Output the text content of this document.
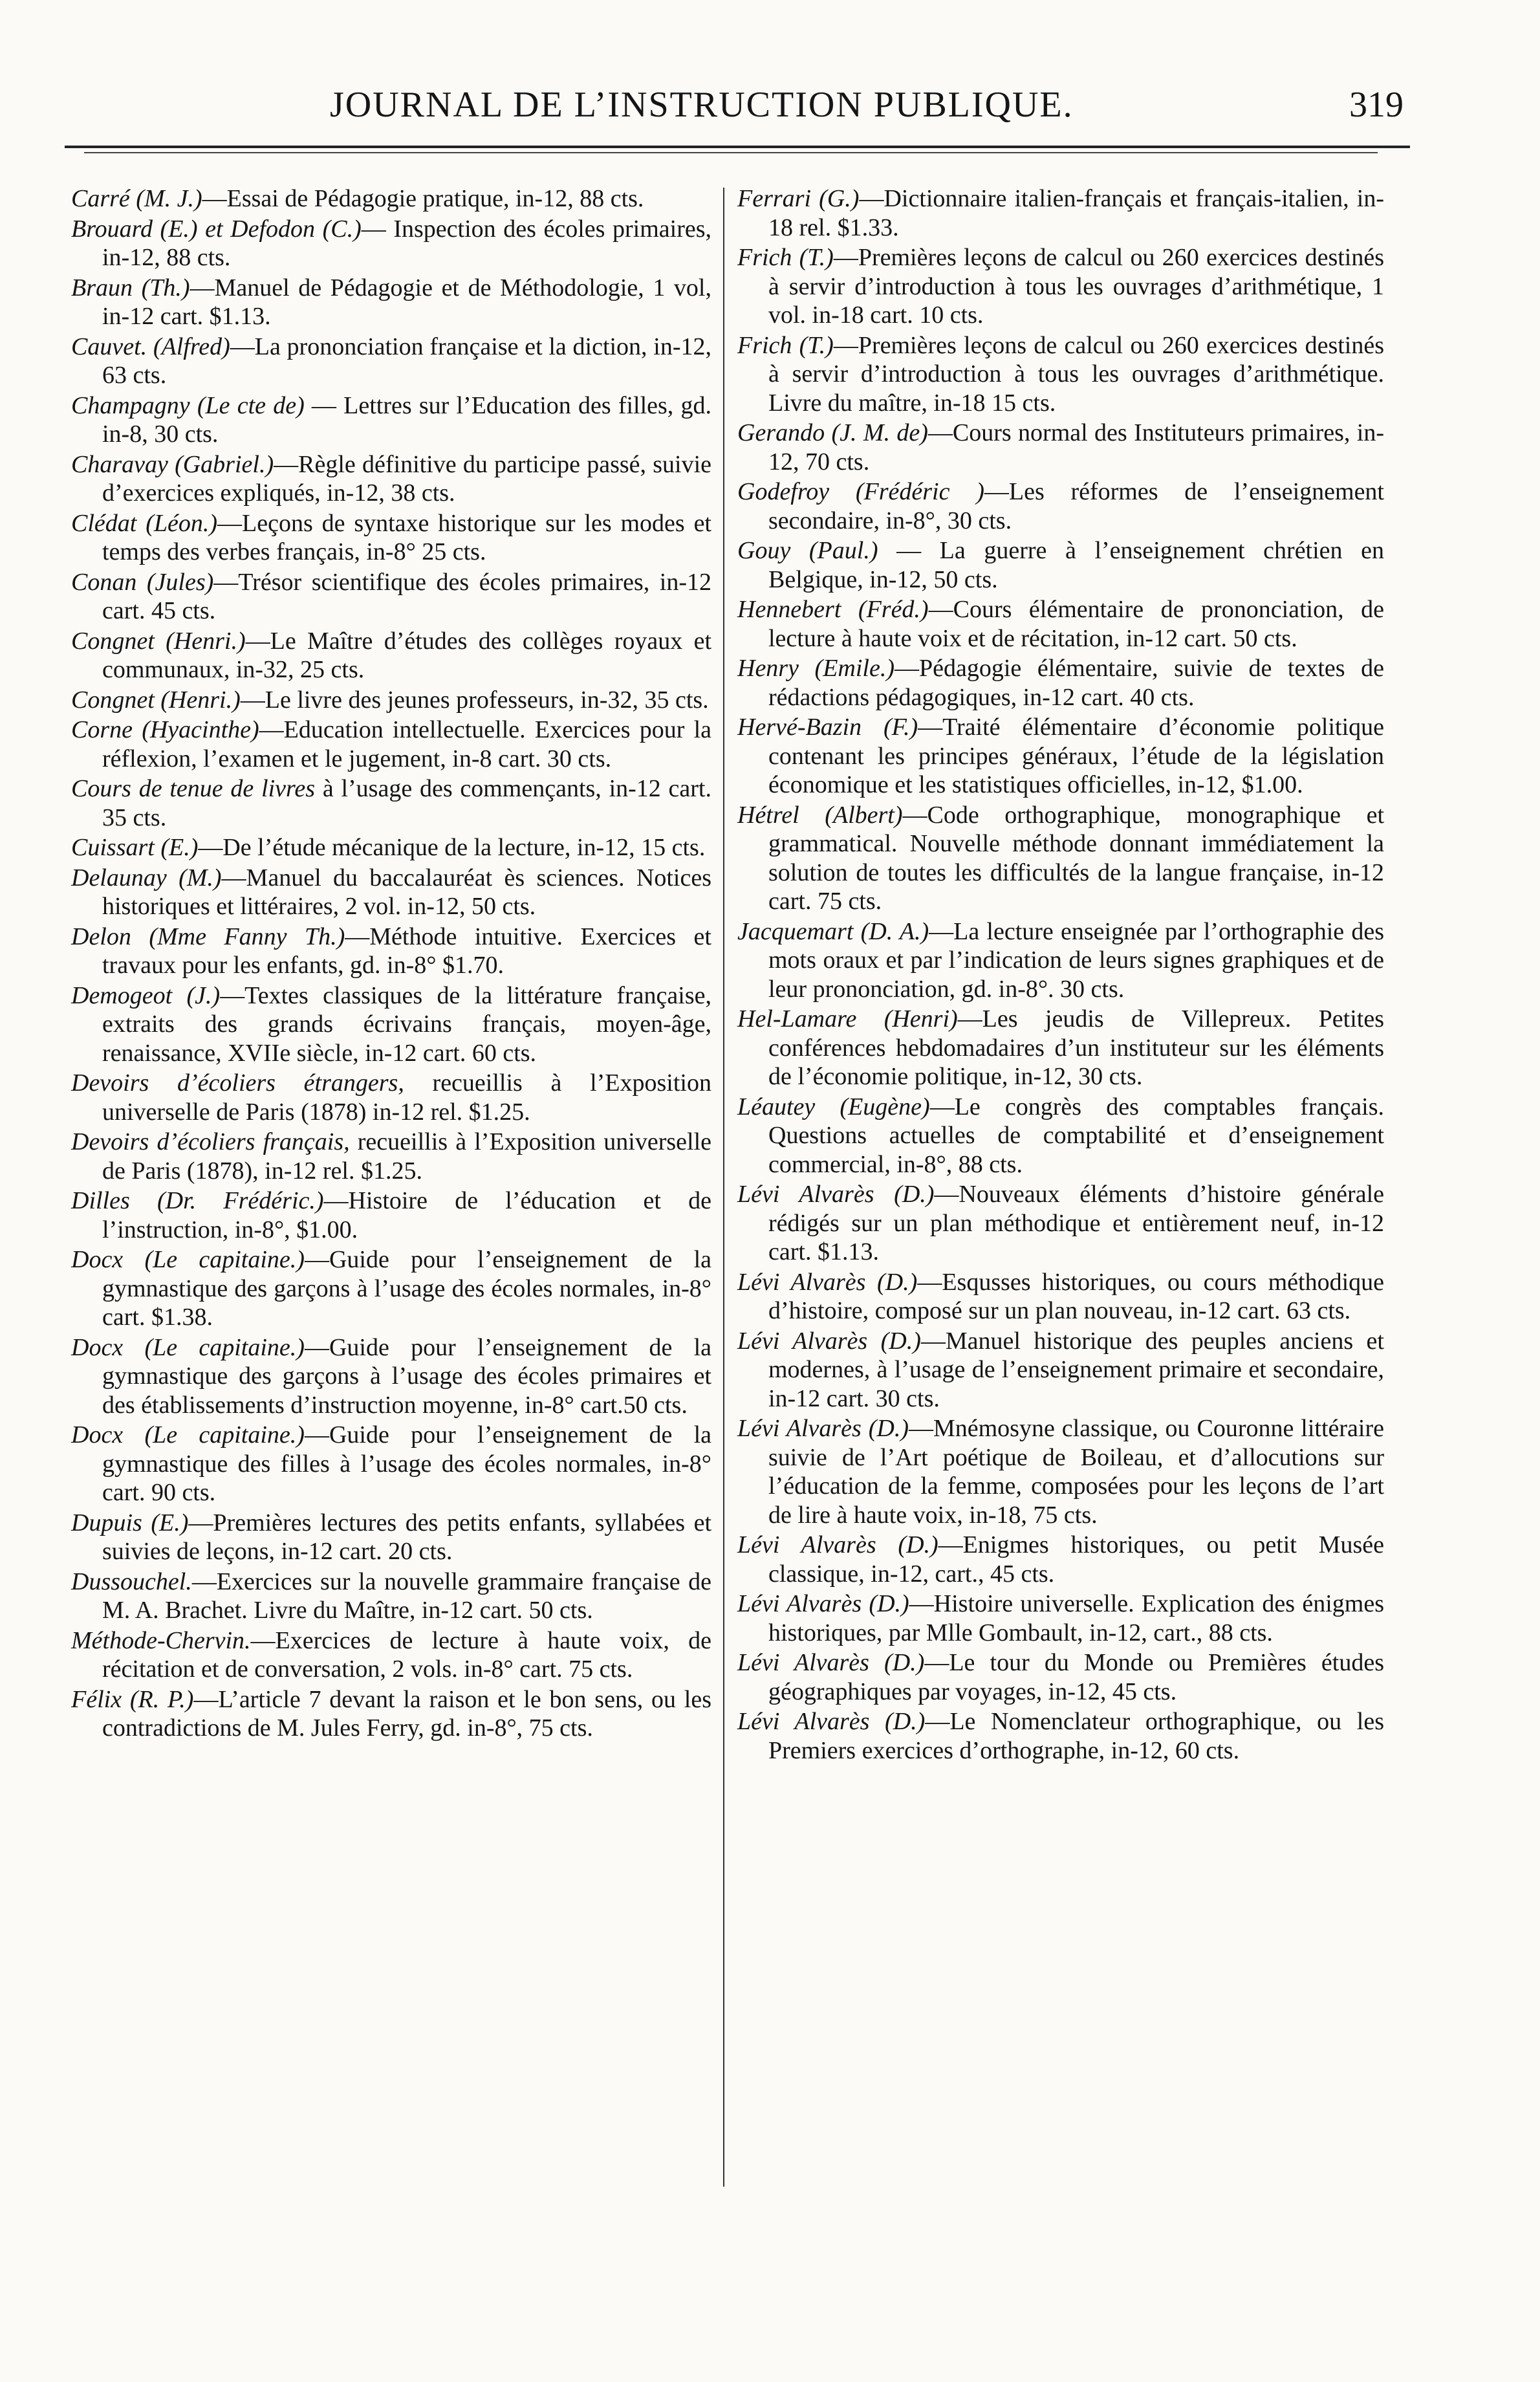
JOURNAL DE L’INSTRUCTION PUBLIQUE.	319

Carré (M. J.)—Essai de Pédagogie pratique, in-12, 88 cts.

Brouard (E.) et Defodon (C.)— Inspection des écoles primaires, in-12, 88 cts.

Braun (Th.)—Manuel de Pédagogie et de Méthodologie, 1 vol, in-12 cart. $1.13.

Cauvet. (Alfred)—La prononciation française et la diction, in-12, 63 cts.

Champagny (Le cte de) — Lettres sur l’Education des filles, gd. in-8, 30 cts.

Charavay (Gabriel.)—Règle définitive du participe passé, suivie d’exercices expliqués, in-12, 38 cts.

Clédat (Léon.)—Leçons de syntaxe historique sur les modes et temps des verbes français, in-8° 25 cts.

Conan (Jules)—Trésor scientifique des écoles primaires, in-12 cart. 45 cts.

Congnet (Henri.)—Le Maître d’études des collèges royaux et communaux, in-32, 25 cts.

Congnet (Henri.)—Le livre des jeunes professeurs, in-32, 35 cts.

Corne (Hyacinthe)—Education intellectuelle. Exercices pour la réflexion, l’examen et le jugement, in-8 cart. 30 cts.

Cours de tenue de livres à l’usage des commençants, in-12 cart. 35 cts.

Cuissart (E.)—De l’étude mécanique de la lecture, in-12, 15 cts.

Delaunay (M.)—Manuel du baccalauréat ès sciences. Notices historiques et littéraires, 2 vol. in-12, 50 cts.

Delon (Mme Fanny Th.)—Méthode intuitive. Exercices et travaux pour les enfants, gd. in-8° $1.70.

Demogeot (J.)—Textes classiques de la littérature française, extraits des grands écrivains français, moyen-âge, renaissance, XVIIe siècle, in-12 cart. 60 cts.

Devoirs d’écoliers étrangers, recueillis à l’Exposition universelle de Paris (1878) in-12 rel. $1.25.

Devoirs d’écoliers français, recueillis à l’Exposition universelle de Paris (1878), in-12 rel. $1.25.

Dilles (Dr. Frédéric.)—Histoire de l’éducation et de l’instruction, in-8°, $1.00.

Docx (Le capitaine.)—Guide pour l’enseignement de la gymnastique des garçons à l’usage des écoles normales, in-8° cart. $1.38.

Docx (Le capitaine.)—Guide pour l’enseignement de la gymnastique des garçons à l’usage des écoles primaires et des établissements d’instruction moyenne, in-8° cart.50 cts.

Docx (Le capitaine.)—Guide pour l’enseignement de la gymnastique des filles à l’usage des écoles normales, in-8° cart. 90 cts.

Dupuis (E.)—Premières lectures des petits enfants, syllabées et suivies de leçons, in-12 cart. 20 cts.

Dussouchel.—Exercices sur la nouvelle grammaire française de M. A. Brachet. Livre du Maître, in-12 cart. 50 cts.

Méthode-Chervin.—Exercices de lecture à haute voix, de récitation et de conversation, 2 vols. in-8° cart. 75 cts.

Félix (R. P.)—L’article 7 devant la raison et le bon sens, ou les contradictions de M. Jules Ferry, gd. in-8°, 75 cts.

Ferrari (G.)—Dictionnaire italien-français et français-italien, in-18 rel. $1.33.

Frich (T.)—Premières leçons de calcul ou 260 exercices destinés à servir d’introduction à tous les ouvrages d’arithmétique, 1 vol. in-18 cart. 10 cts.

Frich (T.)—Premières leçons de calcul ou 260 exercices destinés à servir d’introduction à tous les ouvrages d’arithmétique. Livre du maître, in-18 15 cts.

Gerando (J. M. de)—Cours normal des Instituteurs primaires, in-12, 70 cts.

Godefroy (Frédéric )—Les réformes de l’enseignement secondaire, in-8°, 30 cts.

Gouy (Paul.) — La guerre à l’enseignement chrétien en Belgique, in-12, 50 cts.

Hennebert (Fréd.)—Cours élémentaire de prononciation, de lecture à haute voix et de récitation, in-12 cart. 50 cts.

Henry (Emile.)—Pédagogie élémentaire, suivie de textes de rédactions pédagogiques, in-12 cart. 40 cts.

Hervé-Bazin (F.)—Traité élémentaire d’économie politique contenant les principes généraux, l’étude de la législation économique et les statistiques officielles, in-12, $1.00.

Hétrel (Albert)—Code orthographique, monographique et grammatical. Nouvelle méthode donnant immédiatement la solution de toutes les difficultés de la langue française, in-12 cart. 75 cts.

Jacquemart (D. A.)—La lecture enseignée par l’orthographie des mots oraux et par l’indication de leurs signes graphiques et de leur prononciation, gd. in-8°. 30 cts.

Hel-Lamare (Henri)—Les jeudis de Villepreux. Petites conférences hebdomadaires d’un instituteur sur les éléments de l’économie politique, in-12, 30 cts.

Léautey (Eugène)—Le congrès des comptables français. Questions actuelles de comptabilité et d’enseignement commercial, in-8°, 88 cts.

Lévi Alvarès (D.)—Nouveaux éléments d’histoire générale rédigés sur un plan méthodique et entièrement neuf, in-12 cart. $1.13.

Lévi Alvarès (D.)—Esqusses historiques, ou cours méthodique d’histoire, composé sur un plan nouveau, in-12 cart. 63 cts.

Lévi Alvarès (D.)—Manuel historique des peuples anciens et modernes, à l’usage de l’enseignement primaire et secondaire, in-12 cart. 30 cts.

Lévi Alvarès (D.)—Mnémosyne classique, ou Couronne littéraire suivie de l’Art poétique de Boileau, et d’allocutions sur l’éducation de la femme, composées pour les leçons de l’art de lire à haute voix, in-18, 75 cts.

Lévi Alvarès (D.)—Enigmes historiques, ou petit Musée classique, in-12, cart., 45 cts.

Lévi Alvarès (D.)—Histoire universelle. Explication des énigmes historiques, par Mlle Gombault, in-12, cart., 88 cts.

Lévi Alvarès (D.)—Le tour du Monde ou Premières études géographiques par voyages, in-12, 45 cts.

Lévi Alvarès (D.)—Le Nomenclateur orthographique, ou les Premiers exercices d’orthographe, in-12, 60 cts.
